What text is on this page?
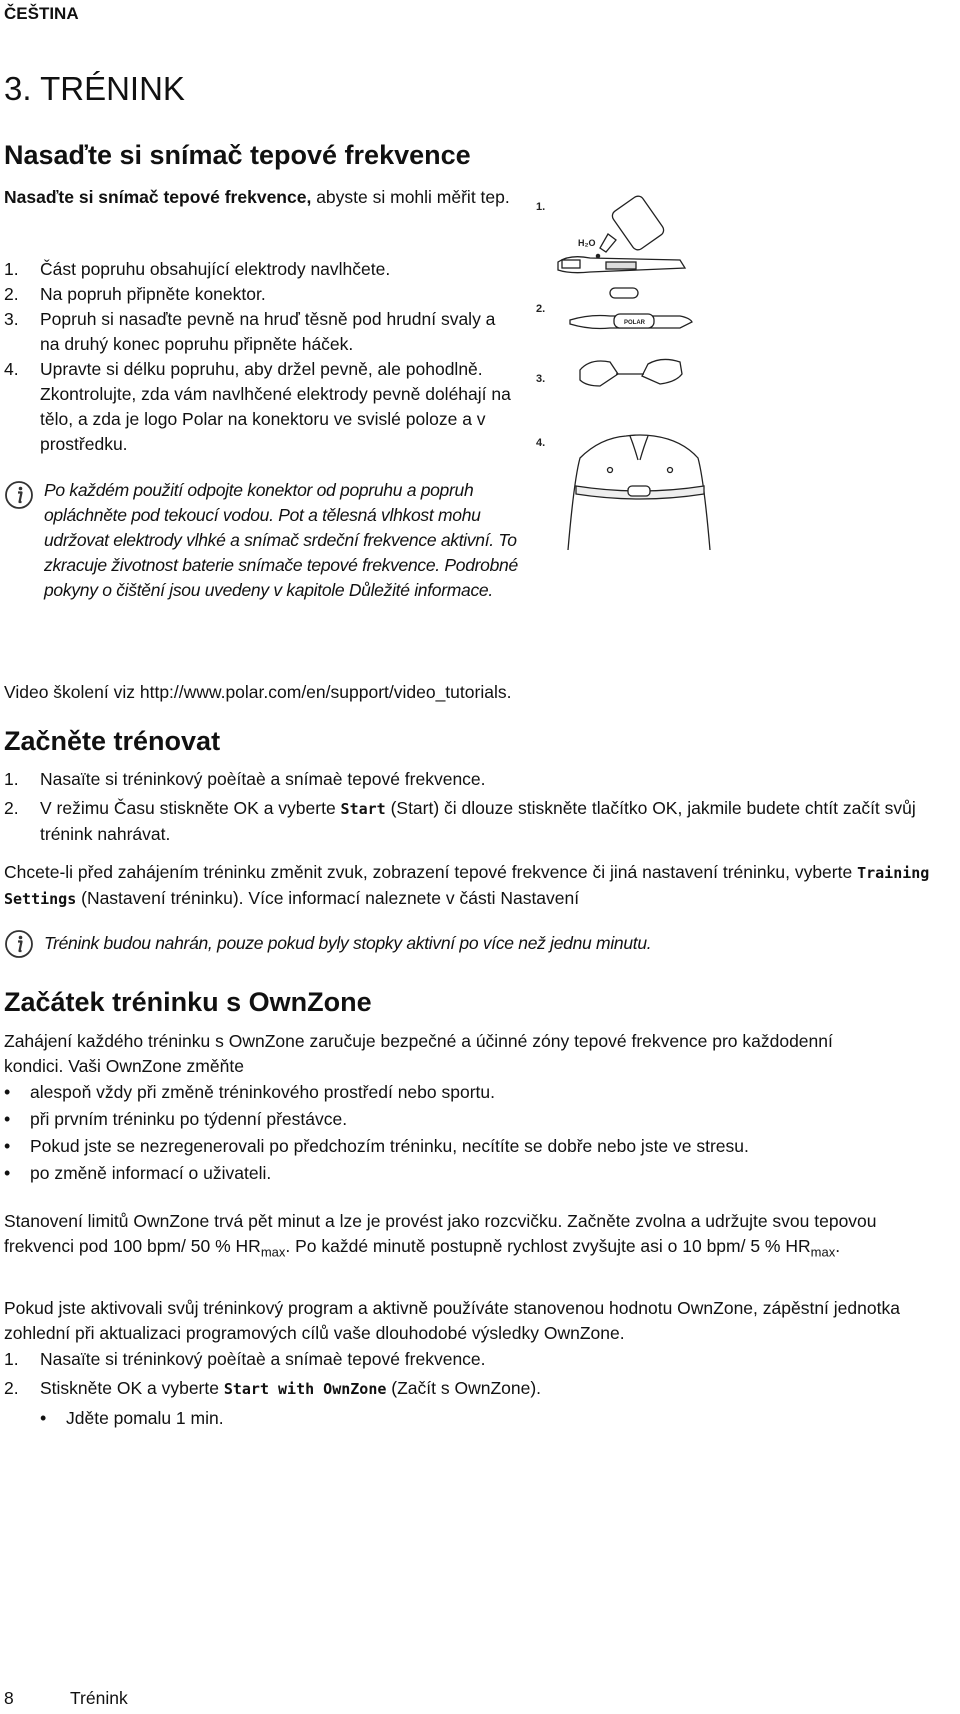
ČEŠTINA
3. TRÉNINK
Nasaďte si snímač tepové frekvence
Nasaďte si snímač tepové frekvence, abyste si mohli měřit tep.
1.	Část popruhu obsahující elektrody navlhčete.
2.	Na popruh připněte konektor.
3.	Popruh si nasaďte pevně na hruď těsně pod hrudní svaly a na druhý konec popruhu připněte háček.
4.	Upravte si délku popruhu, aby držel pevně, ale pohodlně. Zkontrolujte, zda vám navlhčené elektrody pevně doléhají na tělo, a zda je logo Polar na konektoru ve svislé poloze a v prostředku.
Po každém použití odpojte konektor od popruhu a popruh opláchněte pod tekoucí vodou. Pot a tělesná vlhkost mohu udržovat elektrody vlhké a snímač srdeční frekvence aktivní. To zkracuje životnost baterie snímače tepové frekvence. Podrobné pokyny o čištění jsou uvedeny v kapitole Důležité informace.
1.
2.
3.
4.
H₂O
POLAR
Video školení viz http://www.polar.com/en/support/video_tutorials.
Začněte trénovat
1.	Nasaïte si tréninkový poèítaè a snímaè tepové frekvence.
2.	V režimu Času stiskněte OK a vyberte Start (Start) či dlouze stiskněte tlačítko OK, jakmile budete chtít začít svůj trénink nahrávat.
Chcete-li před zahájením tréninku změnit zvuk, zobrazení tepové frekvence či jiná nastavení tréninku, vyberte Training Settings (Nastavení tréninku). Více informací naleznete v části Nastavení
Trénink budou nahrán, pouze pokud byly stopky aktivní po více než jednu minutu.
Začátek tréninku s OwnZone
Zahájení každého tréninku s OwnZone zaručuje bezpečné a účinné zóny tepové frekvence pro každodenní kondici. Vaši OwnZone změňte
•	alespoň vždy při změně tréninkového prostředí nebo sportu.
•	při prvním tréninku po týdenní přestávce.
•	Pokud jste se nezregenerovali po předchozím tréninku, necítíte se dobře nebo jste ve stresu.
•	po změně informací o uživateli.
Stanovení limitů OwnZone trvá pět minut a lze je provést jako rozcvičku. Začněte zvolna a udržujte svou tepovou frekvenci pod 100 bpm/ 50 % $HR_{max}$. Po každé minutě postupně rychlost zvyšujte asi o 10 bpm/ 5 % $HR_{max}$.
Pokud jste aktivovali svůj tréninkový program a aktivně používáte stanovenou hodnotu OwnZone, zápěstní jednotka zohlední při aktualizaci programových cílů vaše dlouhodobé výsledky OwnZone.
1.	Nasaïte si tréninkový poèítaè a snímaè tepové frekvence.
2.	Stiskněte OK a vyberte Start with OwnZone (Začít s OwnZone).
•	Jděte pomalu 1 min.
8	Trénink
